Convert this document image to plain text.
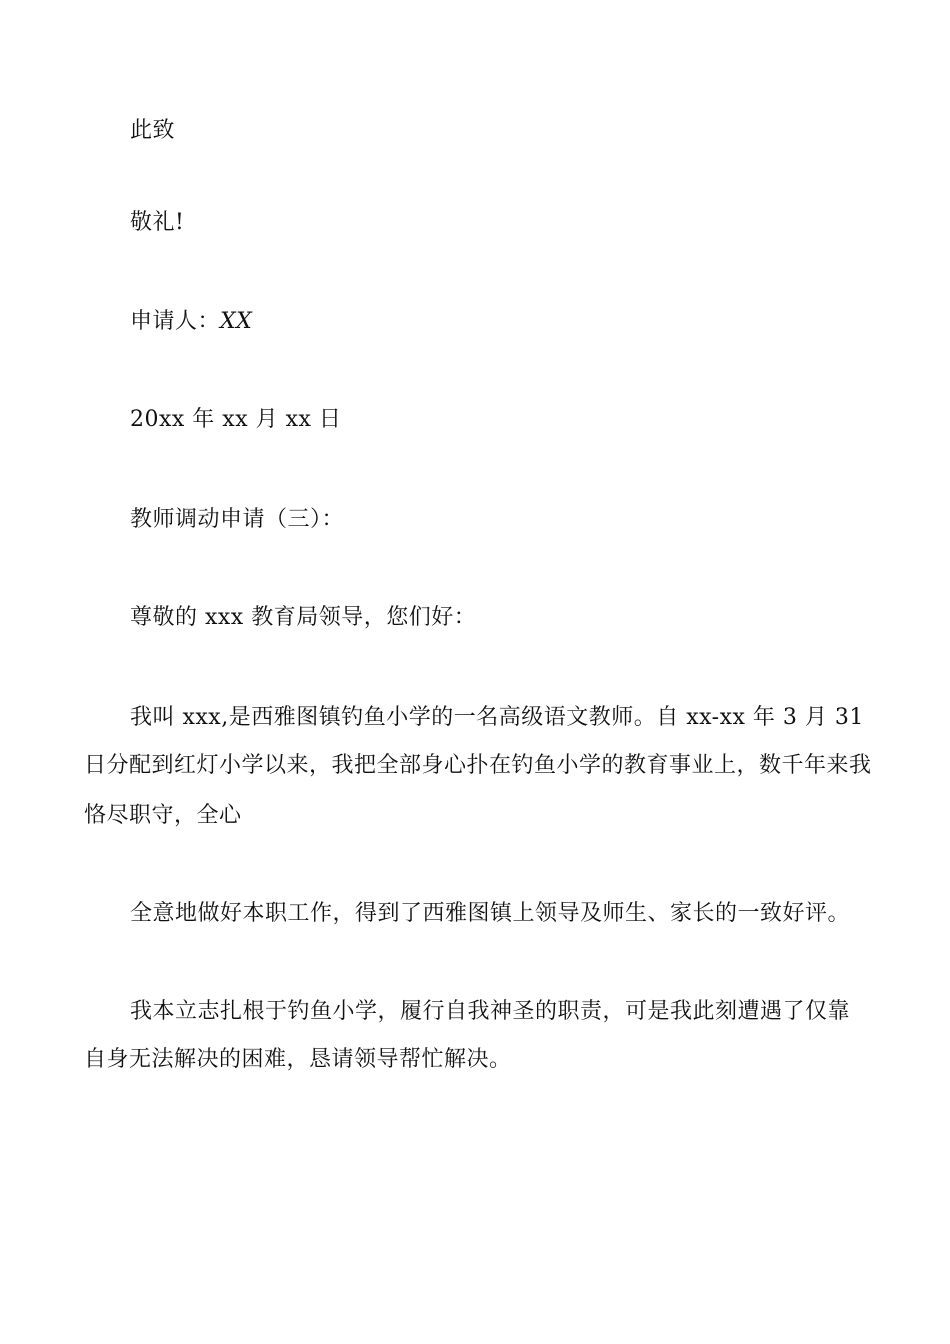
此致
敬礼!
申请人：XX
20xx 年 xx 月 xx 日
教师调动申请（三）：
尊敬的 xxx 教育局领导，您们好：
我叫 xxx,是西雅图镇钓鱼小学的一名高级语文教师。自 xx-xx 年 3 月 31
日分配到红灯小学以来，我把全部身心扑在钓鱼小学的教育事业上，数千年来我
恪尽职守，全心
全意地做好本职工作，得到了西雅图镇上领导及师生、家长的一致好评。
我本立志扎根于钓鱼小学，履行自我神圣的职责，可是我此刻遭遇了仅靠
自身无法解决的困难，恳请领导帮忙解决。
